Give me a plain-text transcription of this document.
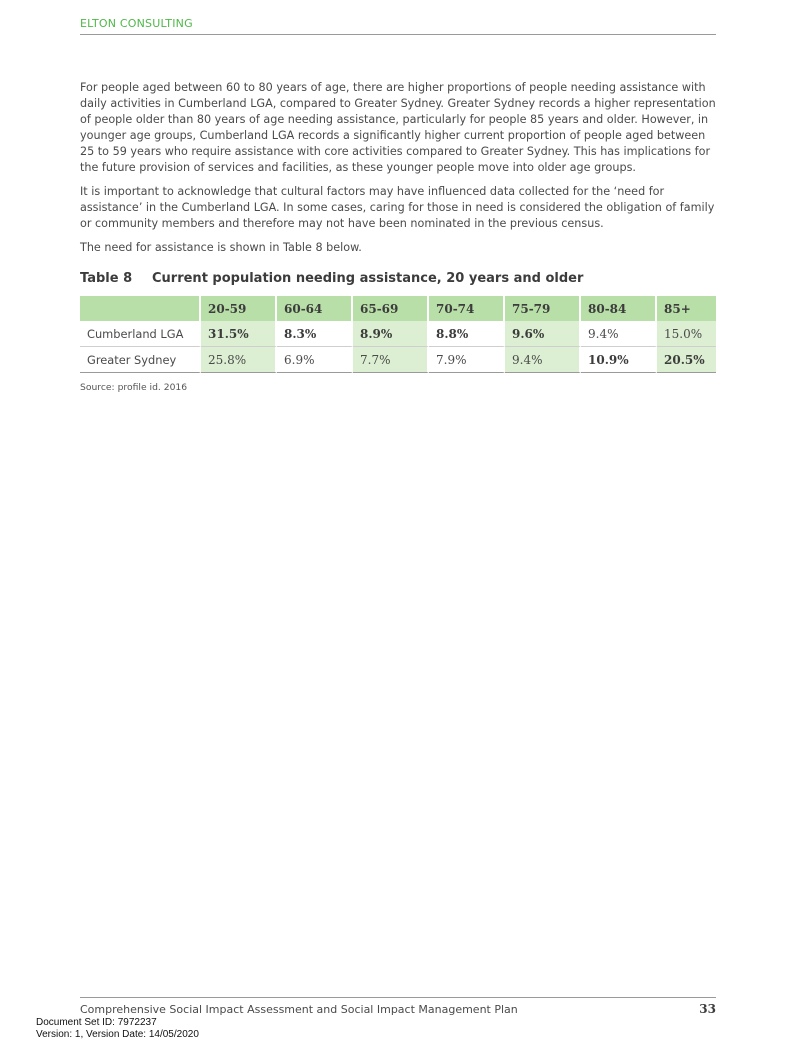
ELTON CONSULTING

For people aged between 60 to 80 years of age, there are higher proportions of people needing assistance with daily activities in Cumberland LGA, compared to Greater Sydney. Greater Sydney records a higher representation of people older than 80 years of age needing assistance, particularly for people 85 years and older. However, in younger age groups, Cumberland LGA records a significantly higher current proportion of people aged between 25 to 59 years who require assistance with core activities compared to Greater Sydney. This has implications for the future provision of services and facilities, as these younger people move into older age groups.

It is important to acknowledge that cultural factors may have influenced data collected for the ‘need for assistance’ in the Cumberland LGA. In some cases, caring for those in need is considered the obligation of family or community members and therefore may not have been nominated in the previous census.

The need for assistance is shown in Table 8 below.

Table 8 Current population needing assistance, 20 years and older
	20-59	60-64	65-69	70-74	75-79	80-84	85+
Cumberland LGA	31.5%	8.3%	8.9%	8.8%	9.6%	9.4%	15.0%
Greater Sydney	25.8%	6.9%	7.7%	7.9%	9.4%	10.9%	20.5%
Source: profile id. 2016
Comprehensive Social Impact Assessment and Social Impact Management Plan	33
Document Set ID: 7972237
Version: 1, Version Date: 14/05/2020
